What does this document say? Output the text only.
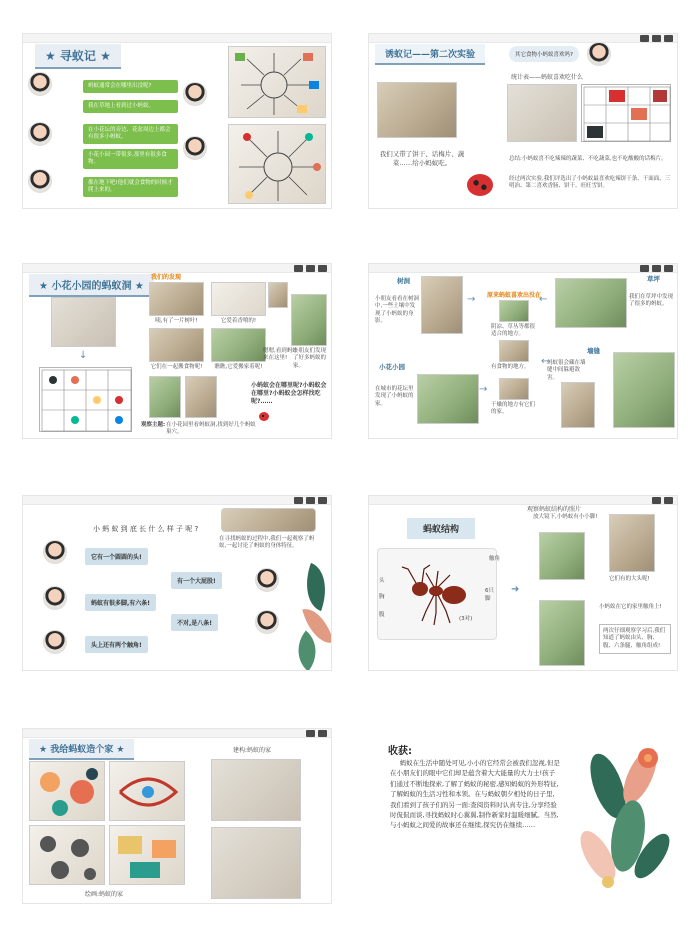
★ 寻蚁记 ★
蚂蚁通常会在哪里出没呢?
我在草地上看到过小蚂蚁。
在小花坛的旁边、花盆周边上都会有很多小蚂蚁。
小花小园一带很多,那里有很多食物。
都在地下吧!他们就会食物的时候才爬上来的。
诱蚁记——第二次实验	其它食物小蚂蚁喜欢吗?
我们又带了饼干、话梅片、蔬菜……给小蚂蚁吃。
统计表——蚂蚁喜欢吃什么
总结:小蚂蚁喜不吃辣辣的蔬菜、不吃蔬菜,也不吃酸酸的话梅片。
经过两次实验,我们评选出了小蚂蚁最喜欢吃辣饼干条、干面面、三明治、第二喜欢香肠、饼干、旺旺雪饼。
★ 小花小园的蚂蚁洞 ★
我们的发现
↓
咦,有了一片树叶!	它爱着香喷的!
它们在一起搬食物呢!	瞧瞧,它爱搬家着呢!
观察主题: 在小花园里看蚂蚁洞,找到好几个蚂蚁巢穴。
嗯嗯,看到蚂蚁来在这里!
小朋友们发现了好多蚂蚁的家。
小蚂蚁会在哪里呢?小蚂蚁会在哪里?小蚂蚁会怎样找吃呢?……
树洞
小朋友看看在树洞中,一些土壤中发现了小蚂蚁的身影。
原来蚂蚁喜欢出没在
阴凉、草丛等都很适合的地方。
有食物的地方。
干燥的地方有它们的家。
草坪
我们在草坪中发现了很多的蚂蚁。
小花小园
在城市的花坛里发现了小蚂蚁的家。
墙缝
蚂蚁很会藏在墙缝中间躲避敌害。
→	←
→
←
小 蚂 蚁 到 底 长 什 么 样 子 呢 ?
在寻找蚂蚁的过程中,我们一起观察了蚂蚁,一起讨论了蚂蚁的身体特征。
它有一个圆圆的头!
有一个大屁股!
蚂蚁有很多脚,有六条!
不对,是八条!
头上还有两个触角!
观察蚂蚁结构的照片
蚂蚁结构
触角
头
胸
腹
6只脚
(3对)
➜
放大镜下,小蚂蚁有小小脚!
它们有的大头呢!
小蚂蚁在它的家里触角上!
两次仔细观察学习后,我们知道了蚂蚁由头、胸、腹、六条腿、触角组成!
★ 我给蚂蚁造个家 ★
绘画:蚂蚁的家
建构:蚂蚁的家	收获:
蚂蚁在生活中随处可见,小小的它经常会被我们忽视,但是在小朋友们的眼中它们却是蕴含着大大能量的大力士!孩子们通过不断地探索,了解了蚂蚁的秘密,感知蚂蚁的外形特征,了解蚂蚁的生活习性和本领。在与蚂蚁朝夕相处的日子里,我们看到了孩子们的另一面:查阅资料时认真专注,分享经验时侃侃而谈,寻找蚂蚁时心翼翼,制作新家时温暖细腻。当然,与小蚂蚁之间爱的故事还在继续,探究仍在继续……
